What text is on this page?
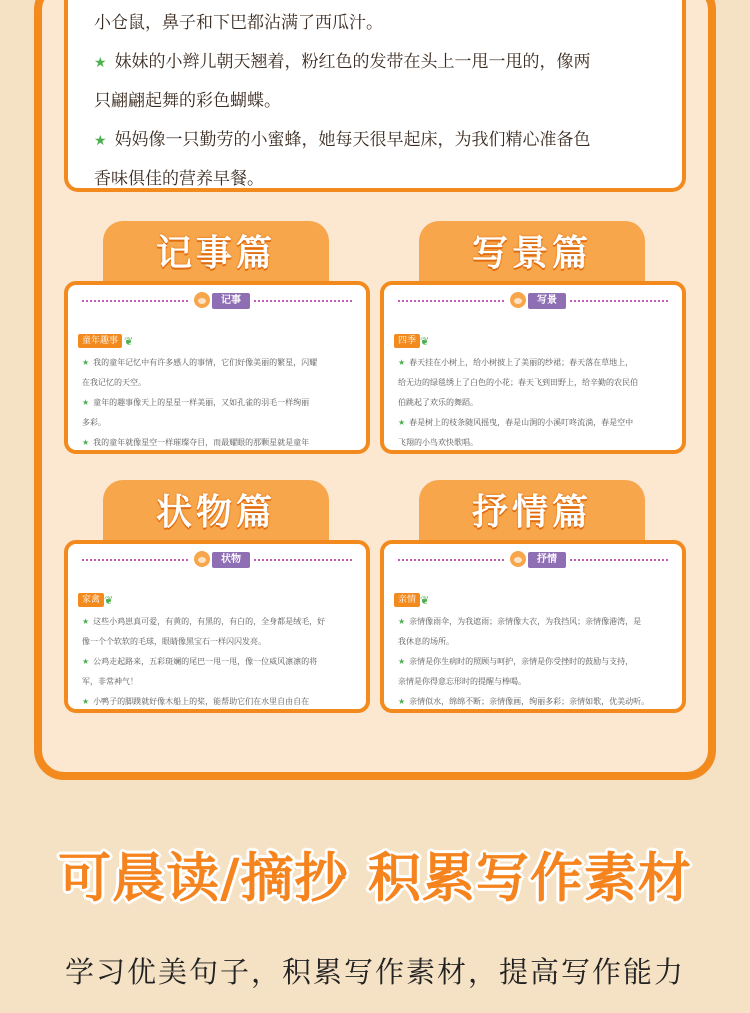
小仓鼠，鼻子和下巴都沾满了西瓜汁。
★ 妹妹的小辫儿朝天翘着，粉红色的发带在头上一甩一甩的，像两
只翩翩起舞的彩色蝴蝶。
★ 妈妈像一只勤劳的小蜜蜂，她每天很早起床，为我们精心准备色
香味俱佳的营养早餐。
记事篇
记事
童年趣事 ❦
★ 我的童年记忆中有许多感人的事情，它们好像美丽的繁星，闪耀
在我记忆的天空。
★ 童年的趣事像天上的星星一样美丽，又如孔雀的羽毛一样绚丽
多彩。
★ 我的童年就像星空一样璀璨夺目，而最耀眼的那颗星就是童年
写景篇
写景
四季 ❦
★ 春天挂在小树上，给小树披上了美丽的纱裙；春天落在草地上，
给无边的绿毯绣上了白色的小花；春天飞到田野上，给辛勤的农民伯
伯跳起了欢乐的舞蹈。
★ 春是树上的枝条随风摇曳，春是山涧的小溪叮咚流淌，春是空中
飞翔的小鸟欢快歌唱。
状物篇
状物
家禽 ❦
★ 这些小鸡崽真可爱，有黄的，有黑的，有白的，全身都是绒毛，好
像一个个软软的毛球，眼睛像黑宝石一样闪闪发亮。
★ 公鸡走起路来，五彩斑斓的尾巴一甩一甩，像一位威风凛凛的将
军，非常神气！
★ 小鸭子的脚蹼就好像木船上的桨，能帮助它们在水里自由自在
抒情篇
抒情
亲情 ❦
★ 亲情像雨伞，为我遮雨；亲情像大衣，为我挡风；亲情像港湾，是
我休息的场所。
★ 亲情是你生病时的照顾与呵护，亲情是你受挫时的鼓励与支持，
亲情是你得意忘形时的提醒与棒喝。
★ 亲情似水，绵绵不断；亲情像画，绚丽多彩；亲情如歌，优美动听。
可晨读/摘抄 积累写作素材
学习优美句子，积累写作素材，提高写作能力
